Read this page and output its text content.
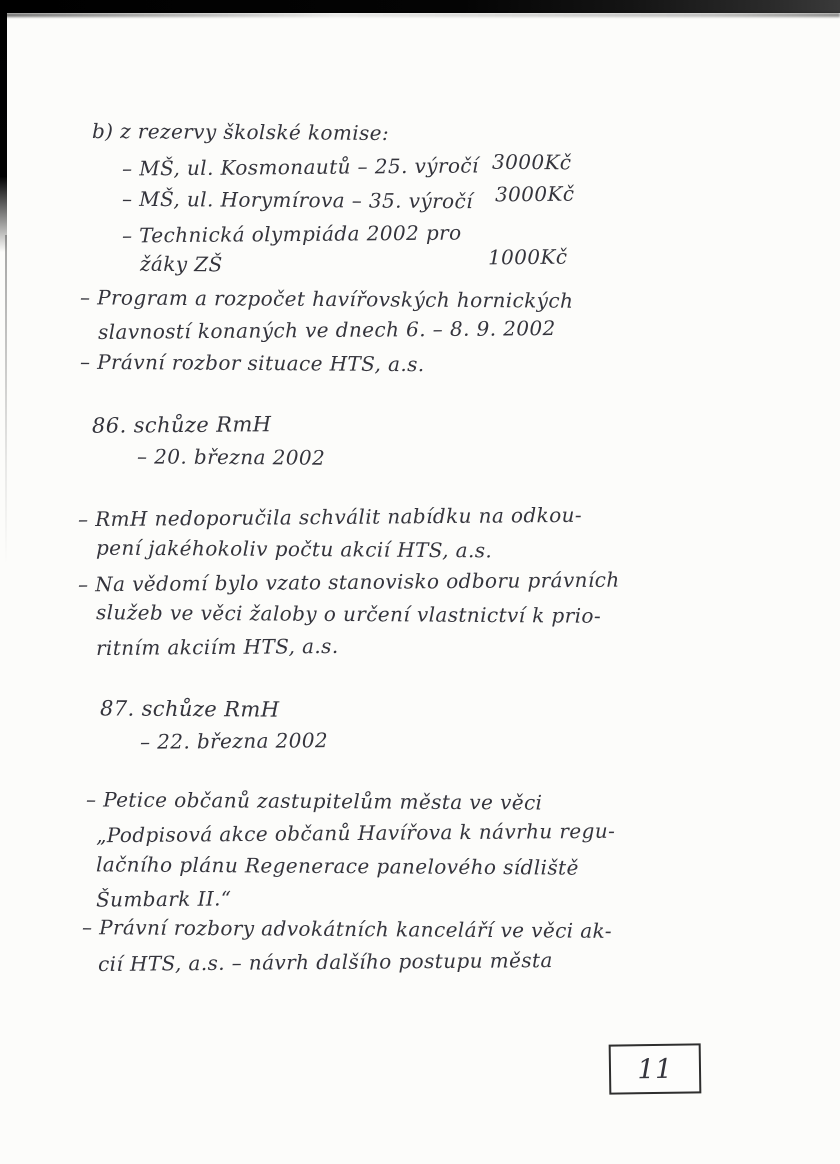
b) z rezervy školské komise:
– MŠ, ul. Kosmonautů – 25. výročí 3000Kč
– MŠ, ul. Horymírova – 35. výročí 3000Kč
– Technická olympiáda 2002 pro
žáky ZŠ	1000Kč
– Program a rozpočet havířovských hornických
slavností konaných ve dnech 6. – 8. 9. 2002
– Právní rozbor situace HTS, a.s.
86. schůze RmH
– 20. března 2002
– RmH nedoporučila schválit nabídku na odkou-
pení jakéhokoliv počtu akcií HTS, a.s.
– Na vědomí bylo vzato stanovisko odboru právních
služeb ve věci žaloby o určení vlastnictví k prio-
ritním akciím HTS, a.s.
87. schůze RmH
– 22. března 2002
– Petice občanů zastupitelům města ve věci
„Podpisová akce občanů Havířova k návrhu regu-
lačního plánu Regenerace panelového sídliště
Šumbark II.“
– Právní rozbory advokátních kanceláří ve věci ak-
cií HTS, a.s. – návrh dalšího postupu města
11
